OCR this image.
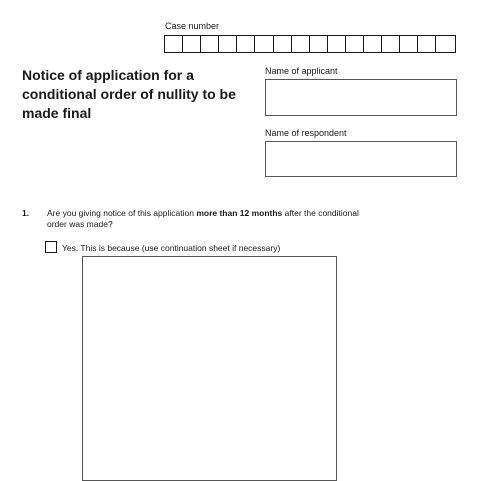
Case number
Notice of application for a conditional order of nullity to be made final
Name of applicant
Name of respondent
1. Are you giving notice of this application more than 12 months after the conditional order was made?
Yes. This is because (use continuation sheet if necessary)
